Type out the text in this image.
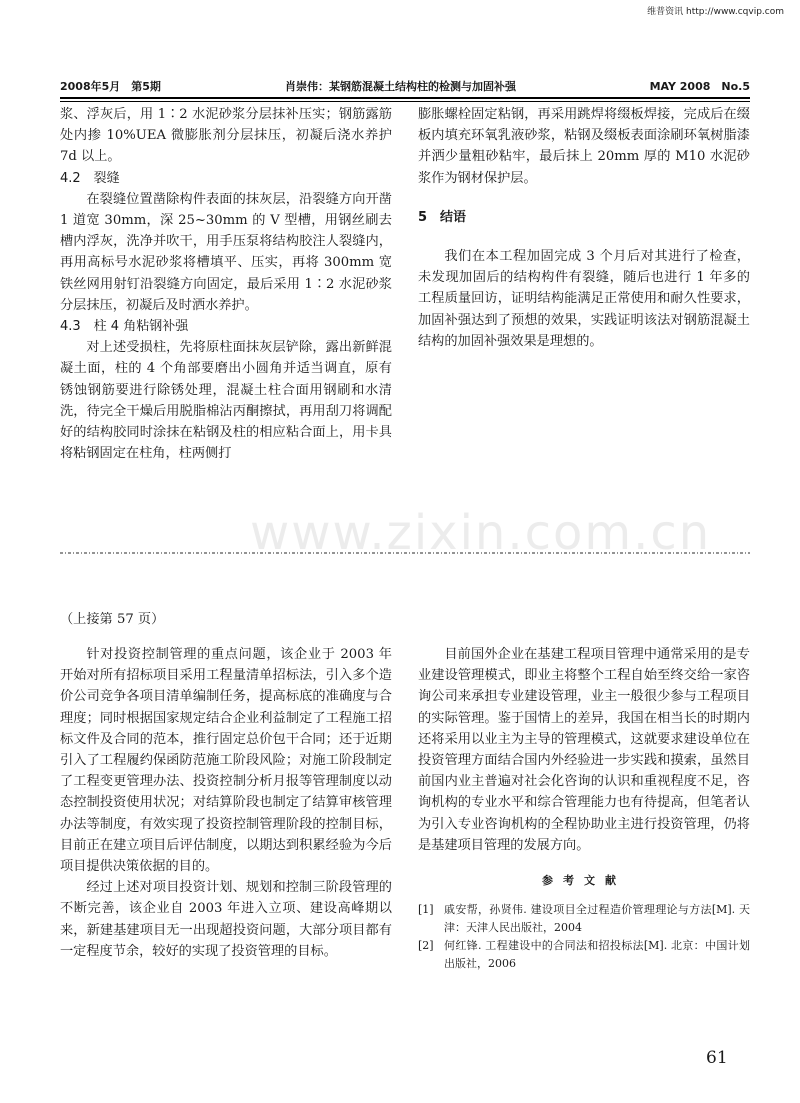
维普资讯 http://www.cqvip.com
2008年5月　第5期	肖崇伟：某钢筋混凝土结构柱的检测与加固补强	MAY 2008　No.5

浆、浮灰后，用 1∶2 水泥砂浆分层抹补压实；钢筋露筋处内掺 10%UEA 微膨胀剂分层抹压，初凝后浇水养护 7d 以上。

4.2　裂缝

在裂缝位置凿除构件表面的抹灰层，沿裂缝方向开凿 1 道宽 30mm，深 25~30mm 的 V 型槽，用钢丝刷去槽内浮灰，洗净并吹干，用手压泵将结构胶注人裂缝内，再用高标号水泥砂浆将槽填平、压实，再将 300mm 宽铁丝网用射钉沿裂缝方向固定，最后采用 1∶2 水泥砂浆分层抹压，初凝后及时洒水养护。

4.3　柱 4 角粘钢补强

对上述受损柱，先将原柱面抹灰层铲除，露出新鲜混凝土面，柱的 4 个角部要磨出小圆角并适当调直，原有锈蚀钢筋要进行除锈处理，混凝土柱合面用钢刷和水清洗，待完全干燥后用脱脂棉沾丙酮擦拭，再用刮刀将调配好的结构胶同时涂抹在粘钢及柱的相应粘合面上，用卡具将粘钢固定在柱角，柱两侧打

膨胀螺栓固定粘钢，再采用跳焊将缀板焊接，完成后在缀板内填充环氧乳液砂浆，粘钢及缀板表面涂刷环氧树脂漆并洒少量粗砂粘牢，最后抹上 20mm 厚的 M10 水泥砂浆作为钢材保护层。

5　结语

我们在本工程加固完成 3 个月后对其进行了检查，未发现加固后的结构构件有裂缝，随后也进行 1 年多的工程质量回访，证明结构能满足正常使用和耐久性要求，加固补强达到了预想的效果，实践证明该法对钢筋混凝土结构的加固补强效果是理想的。

www.zixin.com.cn
（上接第 57 页）

针对投资控制管理的重点问题，该企业于 2003 年开始对所有招标项目采用工程量清单招标法，引入多个造价公司竞争各项目清单编制任务，提高标底的准确度与合理度；同时根据国家规定结合企业利益制定了工程施工招标文件及合同的范本，推行固定总价包干合同；还于近期引入了工程履约保函防范施工阶段风险；对施工阶段制定了工程变更管理办法、投资控制分析月报等管理制度以动态控制投资使用状况；对结算阶段也制定了结算审核管理办法等制度，有效实现了投资控制管理阶段的控制目标，目前正在建立项目后评估制度，以期达到积累经验为今后项目提供决策依据的目的。

经过上述对项目投资计划、规划和控制三阶段管理的不断完善，该企业自 2003 年进入立项、建设高峰期以来，新建基建项目无一出现超投资问题，大部分项目都有一定程度节余，较好的实现了投资管理的目标。

目前国外企业在基建工程项目管理中通常采用的是专业建设管理模式，即业主将整个工程自始至终交给一家咨询公司来承担专业建设管理，业主一般很少参与工程项目的实际管理。鉴于国情上的差异，我国在相当长的时期内还将采用以业主为主导的管理模式，这就要求建设单位在投资管理方面结合国内外经验进一步实践和摸索，虽然目前国内业主普遍对社会化咨询的认识和重视程度不足，咨询机构的专业水平和综合管理能力也有待提高，但笔者认为引入专业咨询机构的全程协助业主进行投资管理，仍将是基建项目管理的发展方向。

参考文献
[1] 戚安帮，孙贤伟. 建设项目全过程造价管理理论与方法[M]. 天津：天津人民出版社，2004
[2] 何红锋. 工程建设中的合同法和招投标法[M]. 北京：中国计划出版社，2006
61
